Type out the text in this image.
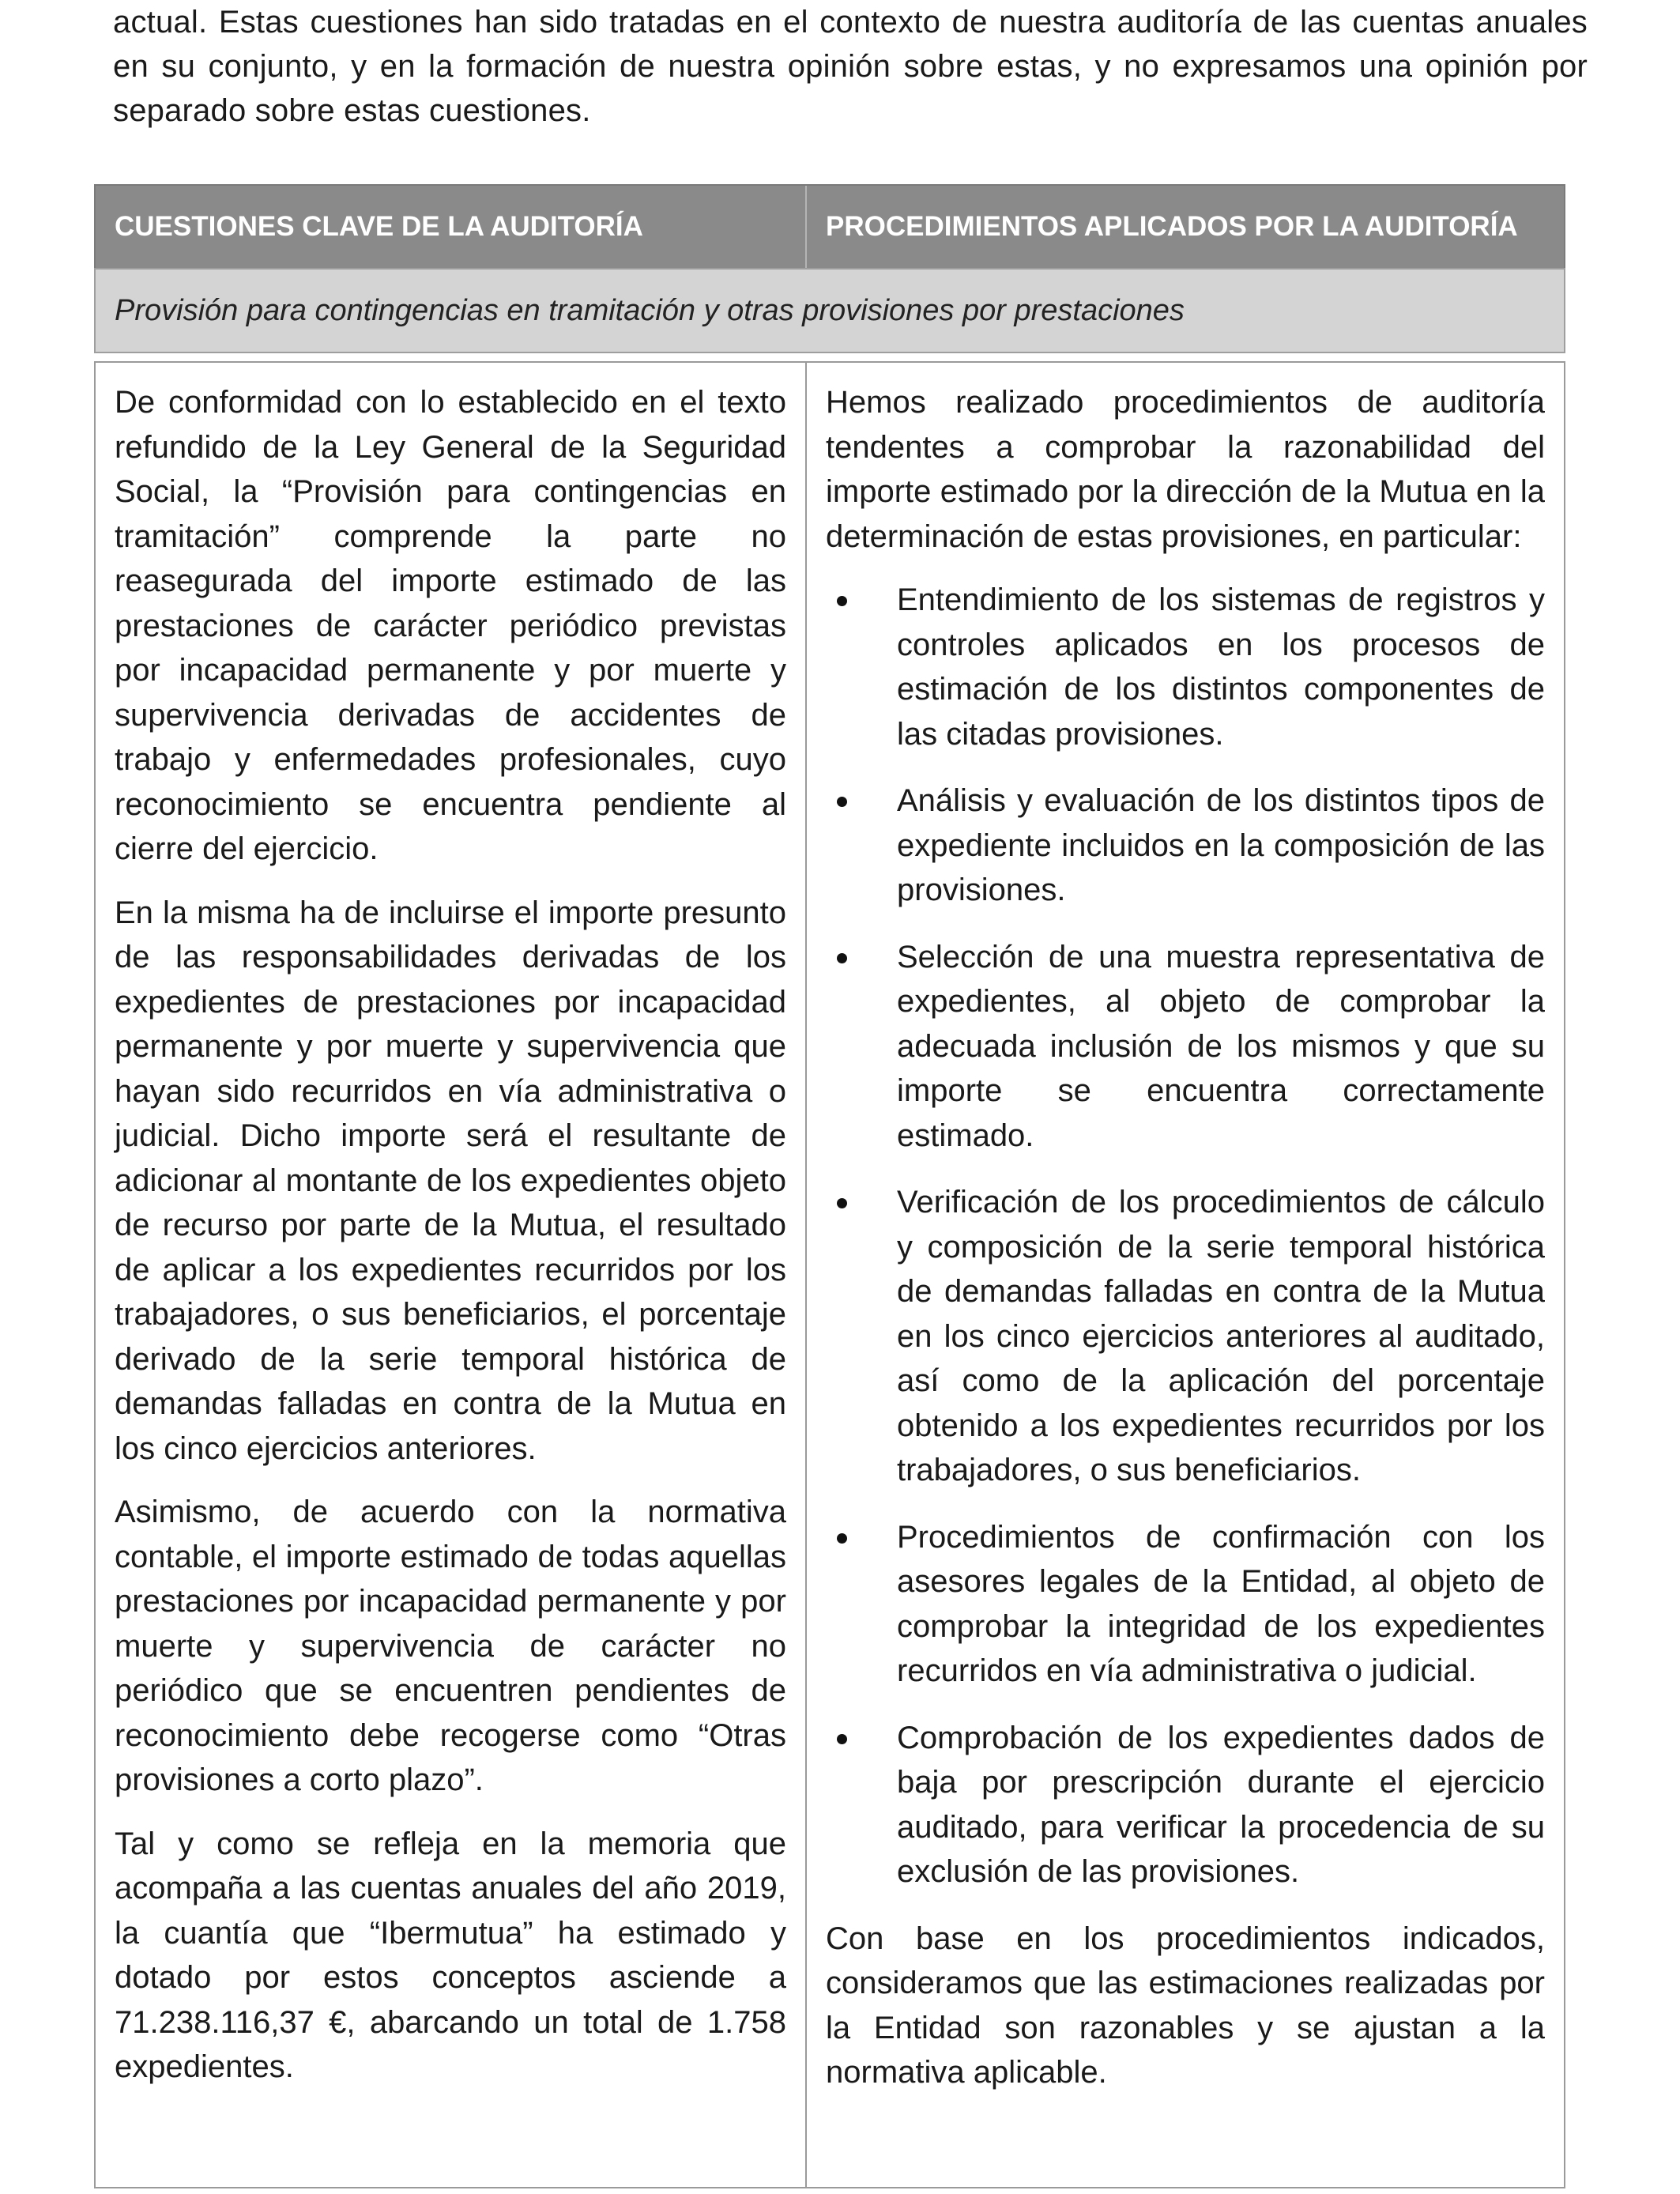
actual. Estas cuestiones han sido tratadas en el contexto de nuestra auditoría de las cuentas anuales en su conjunto, y en la formación de nuestra opinión sobre estas, y no expresamos una opinión por separado sobre estas cuestiones.
CUESTIONES CLAVE DE LA AUDITORÍA	PROCEDIMIENTOS APLICADOS POR LA AUDITORÍA
Provisión para contingencias en tramitación y otras provisiones por prestaciones

De conformidad con lo establecido en el texto refundido de la Ley General de la Seguridad Social, la “Provisión para contingencias en tramitación” comprende la parte no reasegurada del importe estimado de las prestaciones de carácter periódico previstas por incapacidad permanente y por muerte y supervivencia derivadas de accidentes de trabajo y enfermedades profesionales, cuyo reconocimiento se encuentra pendiente al cierre del ejercicio.

En la misma ha de incluirse el importe presunto de las responsabilidades derivadas de los expedientes de prestaciones por incapacidad permanente y por muerte y supervivencia que hayan sido recurridos en vía administrativa o judicial. Dicho importe será el resultante de adicionar al montante de los expedientes objeto de recurso por parte de la Mutua, el resultado de aplicar a los expedientes recurridos por los trabajadores, o sus beneficiarios, el porcentaje derivado de la serie temporal histórica de demandas falladas en contra de la Mutua en los cinco ejercicios anteriores.

Asimismo, de acuerdo con la normativa contable, el importe estimado de todas aquellas prestaciones por incapacidad permanente y por muerte y supervivencia de carácter no periódico que se encuentren pendientes de reconocimiento debe recogerse como “Otras provisiones a corto plazo”.

Tal y como se refleja en la memoria que acompaña a las cuentas anuales del año 2019, la cuantía que “Ibermutua” ha estimado y dotado por estos conceptos asciende a 71.238.116,37 €, abarcando un total de 1.758 expedientes.

Hemos realizado procedimientos de auditoría tendentes a comprobar la razonabilidad del importe estimado por la dirección de la Mutua en la determinación de estas provisiones, en particular:

Entendimiento de los sistemas de registros y controles aplicados en los procesos de estimación de los distintos componentes de las citadas provisiones.
Análisis y evaluación de los distintos tipos de expediente incluidos en la composición de las provisiones.
Selección de una muestra representativa de expedientes, al objeto de comprobar la adecuada inclusión de los mismos y que su importe se encuentra correctamente estimado.
Verificación de los procedimientos de cálculo y composición de la serie temporal histórica de demandas falladas en contra de la Mutua en los cinco ejercicios anteriores al auditado, así como de la aplicación del porcentaje obtenido a los expedientes recurridos por los trabajadores, o sus beneficiarios.
Procedimientos de confirmación con los asesores legales de la Entidad, al objeto de comprobar la integridad de los expedientes recurridos en vía administrativa o judicial.
Comprobación de los expedientes dados de baja por prescripción durante el ejercicio auditado, para verificar la procedencia de su exclusión de las provisiones.

Con base en los procedimientos indicados, consideramos que las estimaciones realizadas por la Entidad son razonables y se ajustan a la normativa aplicable.
